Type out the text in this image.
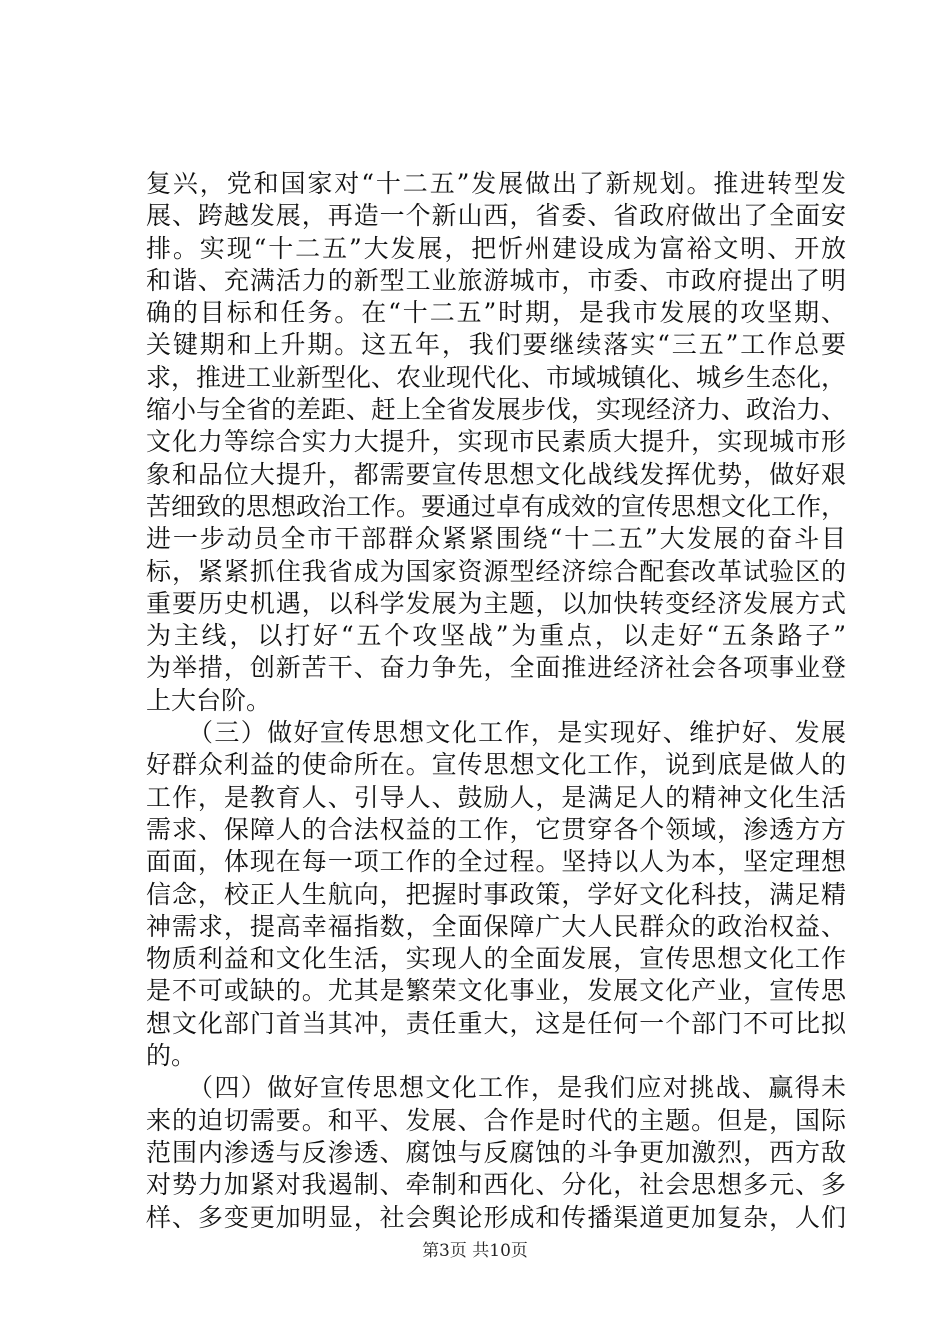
复兴，党和国家对“十二五”发展做出了新规划。推进转型发
展、跨越发展，再造一个新山西，省委、省政府做出了全面安
排。实现“十二五”大发展，把忻州建设成为富裕文明、开放
和谐、充满活力的新型工业旅游城市，市委、市政府提出了明
确的目标和任务。在“十二五”时期，是我市发展的攻坚期、
关键期和上升期。这五年，我们要继续落实“三五”工作总要
求，推进工业新型化、农业现代化、市域城镇化、城乡生态化，
缩小与全省的差距、赶上全省发展步伐，实现经济力、政治力、
文化力等综合实力大提升，实现市民素质大提升，实现城市形
象和品位大提升，都需要宣传思想文化战线发挥优势，做好艰
苦细致的思想政治工作。要通过卓有成效的宣传思想文化工作，
进一步动员全市干部群众紧紧围绕“十二五”大发展的奋斗目
标，紧紧抓住我省成为国家资源型经济综合配套改革试验区的
重要历史机遇，以科学发展为主题，以加快转变经济发展方式
为主线，以打好“五个攻坚战”为重点，以走好“五条路子”
为举措，创新苦干、奋力争先，全面推进经济社会各项事业登
上大台阶。
（三）做好宣传思想文化工作，是实现好、维护好、发展
好群众利益的使命所在。宣传思想文化工作，说到底是做人的
工作，是教育人、引导人、鼓励人，是满足人的精神文化生活
需求、保障人的合法权益的工作，它贯穿各个领域，渗透方方
面面，体现在每一项工作的全过程。坚持以人为本，坚定理想
信念，校正人生航向，把握时事政策，学好文化科技，满足精
神需求，提高幸福指数，全面保障广大人民群众的政治权益、
物质利益和文化生活，实现人的全面发展，宣传思想文化工作
是不可或缺的。尤其是繁荣文化事业，发展文化产业，宣传思
想文化部门首当其冲，责任重大，这是任何一个部门不可比拟
的。
（四）做好宣传思想文化工作，是我们应对挑战、赢得未
来的迫切需要。和平、发展、合作是时代的主题。但是，国际
范围内渗透与反渗透、腐蚀与反腐蚀的斗争更加激烈，西方敌
对势力加紧对我遏制、牵制和西化、分化，社会思想多元、多
样、多变更加明显，社会舆论形成和传播渠道更加复杂，人们
第3页 共10页
